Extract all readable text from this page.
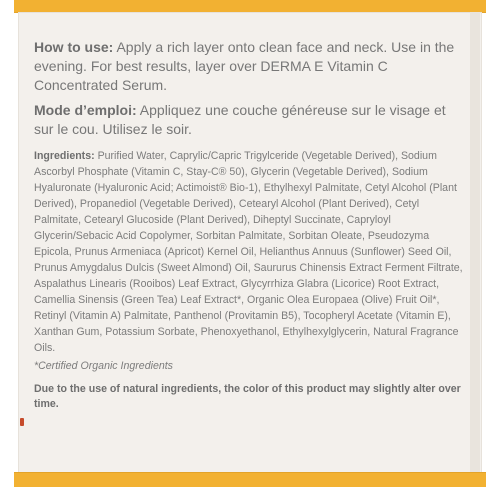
How to use: Apply a rich layer onto clean face and neck. Use in the evening. For best results, layer over DERMA E Vitamin C Concentrated Serum.
Mode d’emploi: Appliquez une couche généreuse sur le visage et sur le cou. Utilisez le soir.
Ingredients: Purified Water, Caprylic/Capric Trigylceride (Vegetable Derived), Sodium Ascorbyl Phosphate (Vitamin C, Stay-C® 50), Glycerin (Vegetable Derived), Sodium Hyaluronate (Hyaluronic Acid; Actimoist® Bio-1), Ethylhexyl Palmitate, Cetyl Alcohol (Plant Derived), Propanediol (Vegetable Derived), Cetearyl Alcohol (Plant Derived), Cetyl Palmitate, Cetearyl Glucoside (Plant Derived), Diheptyl Succinate, Capryloyl Glycerin/Sebacic Acid Copolymer, Sorbitan Palmitate, Sorbitan Oleate, Pseudozyma Epicola, Prunus Armeniaca (Apricot) Kernel Oil, Helianthus Annuus (Sunflower) Seed Oil, Prunus Amygdalus Dulcis (Sweet Almond) Oil, Saururus Chinensis Extract Ferment Filtrate, Aspalathus Linearis (Rooibos) Leaf Extract, Glycyrrhiza Glabra (Licorice) Root Extract, Camellia Sinensis (Green Tea) Leaf Extract*, Organic Olea Europaea (Olive) Fruit Oil*, Retinyl (Vitamin A) Palmitate, Panthenol (Provitamin B5), Tocopheryl Acetate (Vitamin E), Xanthan Gum, Potassium Sorbate, Phenoxyethanol, Ethylhexylglycerin, Natural Fragrance Oils.
*Certified Organic Ingredients
Due to the use of natural ingredients, the color of this product may slightly alter over time.
